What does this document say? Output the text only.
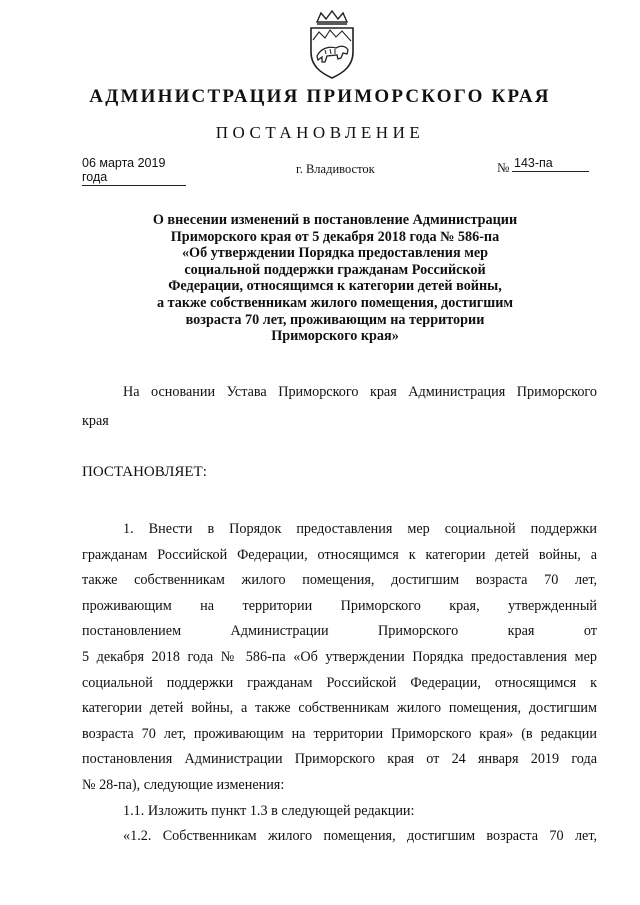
АДМИНИСТРАЦИЯ ПРИМОРСКОГО КРАЯ
ПОСТАНОВЛЕНИЕ
06 марта 2019 года
г. Владивосток	№ 143-па
О внесении изменений в постановление Администрации
Приморского края от 5 декабря 2018 года № 586-па
«Об утверждении Порядка предоставления мер
социальной поддержки гражданам Российской
Федерации, относящимся к категории детей войны,
а также собственникам жилого помещения, достигшим
возраста 70 лет, проживающим на территории
Приморского края»
На основании Устава Приморского края Администрация Приморского
края
ПОСТАНОВЛЯЕТ:
1. Внести в Порядок предоставления мер социальной поддержки
гражданам Российской Федерации, относящимся к категории детей войны, а
также собственникам жилого помещения, достигшим возраста 70 лет,
проживающим на территории Приморского края, утвержденный
постановлением Администрации Приморского края от
5 декабря 2018 года № 586-па «Об утверждении Порядка предоставления мер
социальной поддержки гражданам Российской Федерации, относящимся к
категории детей войны, а также собственникам жилого помещения, достигшим
возраста 70 лет, проживающим на территории Приморского края» (в редакции
постановления Администрации Приморского края от 24 января 2019 года
№ 28-па), следующие изменения:
1.1. Изложить пункт 1.3 в следующей редакции:
«1.2. Собственникам жилого помещения, достигшим возраста 70 лет,
